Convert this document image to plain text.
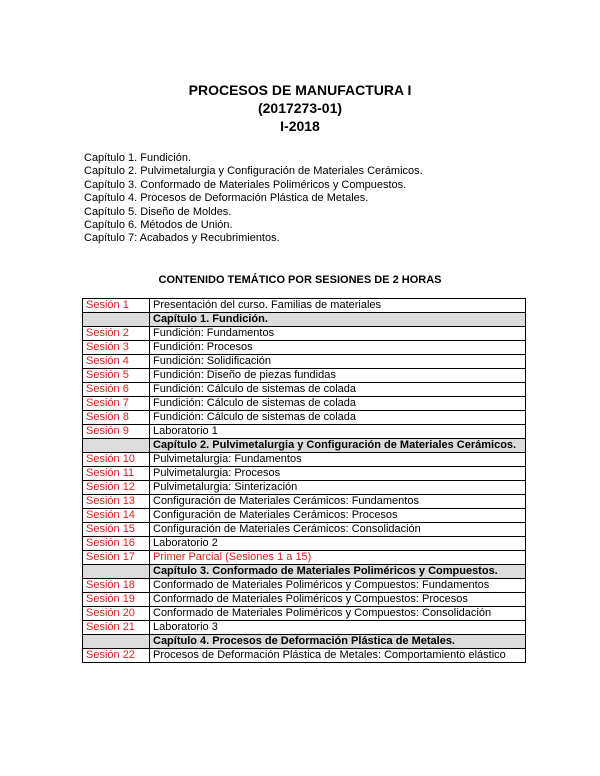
PROCESOS DE MANUFACTURA I
(2017273-01)
I-2018
Capítulo 1. Fundición.
Capítulo 2. Pulvimetalurgia y Configuración de Materiales Cerámicos.
Capítulo 3. Conformado de Materiales Poliméricos y Compuestos.
Capítulo 4. Procesos de Deformación Plástica de Metales.
Capítulo 5. Diseño de Moldes.
Capítulo 6. Métodos de Unión.
Capítulo 7: Acabados y Recubrimientos.
CONTENIDO TEMÁTICO POR SESIONES DE 2 HORAS
Sesión 1	Presentación del curso. Familias de materiales
	Capítulo 1. Fundición.
Sesión 2	Fundición: Fundamentos
Sesión 3	Fundición: Procesos
Sesión 4	Fundición: Solidificación
Sesión 5	Fundición: Diseño de piezas fundidas
Sesión 6	Fundición: Cálculo de sistemas de colada
Sesión 7	Fundición: Cálculo de sistemas de colada
Sesión 8	Fundición: Cálculo de sistemas de colada
Sesión 9	Laboratorio 1
	Capítulo 2. Pulvimetalurgia y Configuración de Materiales Cerámicos.
Sesión 10	Pulvimetalurgia: Fundamentos
Sesión 11	Pulvimetalurgia: Procesos
Sesión 12	Pulvimetalurgia: Sinterización
Sesión 13	Configuración de Materiales Cerámicos: Fundamentos
Sesión 14	Configuración de Materiales Cerámicos: Procesos
Sesión 15	Configuración de Materiales Cerámicos: Consolidación
Sesión 16	Laboratorio 2
Sesión 17	Primer Parcial (Sesiones 1 a 15)
	Capítulo 3. Conformado de Materiales Poliméricos y Compuestos.
Sesión 18	Conformado de Materiales Poliméricos y Compuestos: Fundamentos
Sesión 19	Conformado de Materiales Poliméricos y Compuestos: Procesos
Sesión 20	Conformado de Materiales Poliméricos y Compuestos: Consolidación
Sesión 21	Laboratorio 3
	Capítulo 4. Procesos de Deformación Plástica de Metales.
Sesión 22	Procesos de Deformación Plástica de Metales: Comportamiento elástico
